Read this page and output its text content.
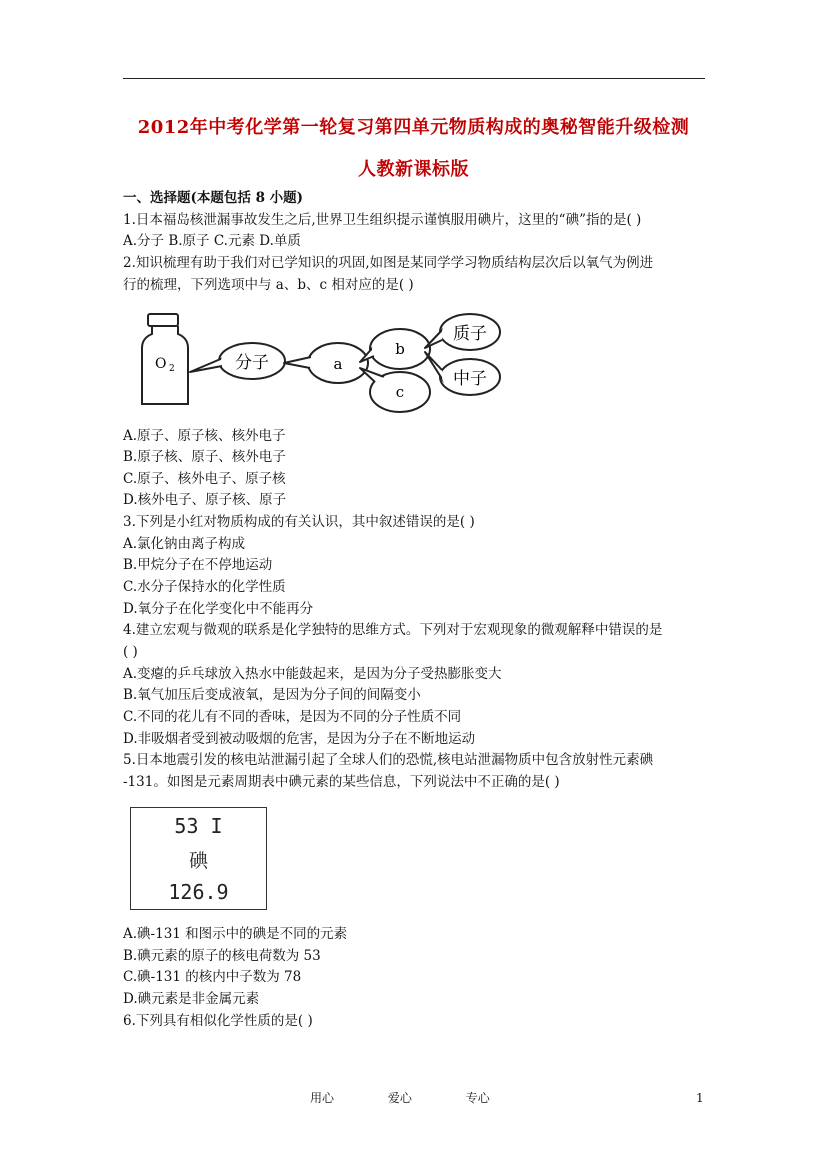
2012年中考化学第一轮复习第四单元物质构成的奥秘智能升级检测
人教新课标版
一、选择题(本题包括 8 小题)
1.日本福岛核泄漏事故发生之后,世界卫生组织提示谨慎服用碘片，这里的“碘”指的是( )
A.分子 B.原子 C.元素 D.单质
2.知识梳理有助于我们对已学知识的巩固,如图是某同学学习物质结构层次后以氧气为例进
行的梳理，下列选项中与 a、b、c 相对应的是( )
O 2	分子	a
c
b
质子
中子
A.原子、原子核、核外电子
B.原子核、原子、核外电子
C.原子、核外电子、原子核
D.核外电子、原子核、原子
3.下列是小红对物质构成的有关认识，其中叙述错误的是( )
A.氯化钠由离子构成
B.甲烷分子在不停地运动
C.水分子保持水的化学性质
D.氧分子在化学变化中不能再分
4.建立宏观与微观的联系是化学独特的思维方式。下列对于宏观现象的微观解释中错误的是
( )
A.变瘪的乒乓球放入热水中能鼓起来，是因为分子受热膨胀变大
B.氧气加压后变成液氧，是因为分子间的间隔变小
C.不同的花儿有不同的香味，是因为不同的分子性质不同
D.非吸烟者受到被动吸烟的危害，是因为分子在不断地运动
5.日本地震引发的核电站泄漏引起了全球人们的恐慌,核电站泄漏物质中包含放射性元素碘
-131。如图是元素周期表中碘元素的某些信息，下列说法中不正确的是( )
53 I
碘
126.9
A.碘-131 和图示中的碘是不同的元素
B.碘元素的原子的核电荷数为 53
C.碘-131 的核内中子数为 78
D.碘元素是非金属元素
6.下列具有相似化学性质的是( )
用心	爱心	专心	1
